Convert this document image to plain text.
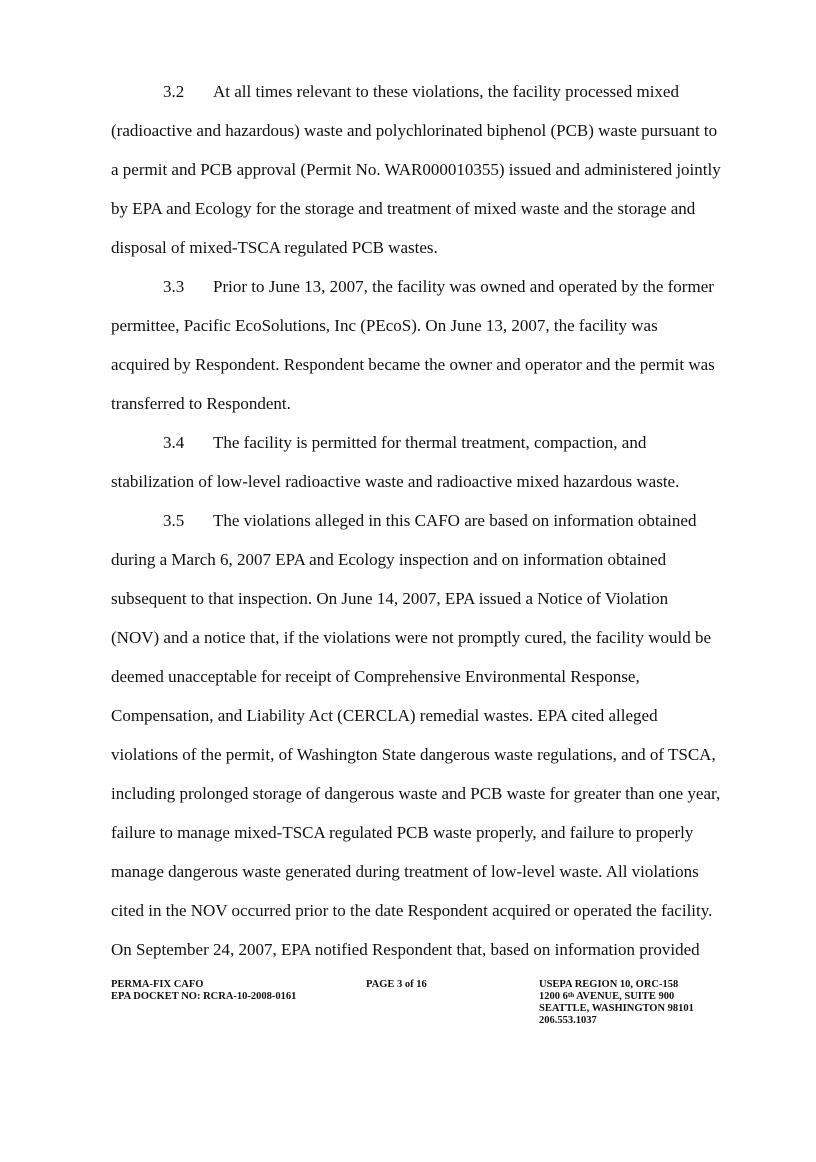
3.2 At all times relevant to these violations, the facility processed mixed
(radioactive and hazardous) waste and polychlorinated biphenol (PCB) waste pursuant to
a permit and PCB approval (Permit No. WAR000010355) issued and administered jointly
by EPA and Ecology for the storage and treatment of mixed waste and the storage and
disposal of mixed-TSCA regulated PCB wastes.
3.3 Prior to June 13, 2007, the facility was owned and operated by the former
permittee, Pacific EcoSolutions, Inc (PEcoS). On June 13, 2007, the facility was
acquired by Respondent. Respondent became the owner and operator and the permit was
transferred to Respondent.
3.4 The facility is permitted for thermal treatment, compaction, and
stabilization of low-level radioactive waste and radioactive mixed hazardous waste.
3.5 The violations alleged in this CAFO are based on information obtained
during a March 6, 2007 EPA and Ecology inspection and on information obtained
subsequent to that inspection. On June 14, 2007, EPA issued a Notice of Violation
(NOV) and a notice that, if the violations were not promptly cured, the facility would be
deemed unacceptable for receipt of Comprehensive Environmental Response,
Compensation, and Liability Act (CERCLA) remedial wastes. EPA cited alleged
violations of the permit, of Washington State dangerous waste regulations, and of TSCA,
including prolonged storage of dangerous waste and PCB waste for greater than one year,
failure to manage mixed-TSCA regulated PCB waste properly, and failure to properly
manage dangerous waste generated during treatment of low-level waste. All violations
cited in the NOV occurred prior to the date Respondent acquired or operated the facility.
On September 24, 2007, EPA notified Respondent that, based on information provided
PERMA-FIX CAFO
EPA DOCKET NO: RCRA-10-2008-0161
PAGE 3 of 16	USEPA REGION 10, ORC-158
1200 6th AVENUE, SUITE 900
SEATTLE, WASHINGTON 98101
206.553.1037
